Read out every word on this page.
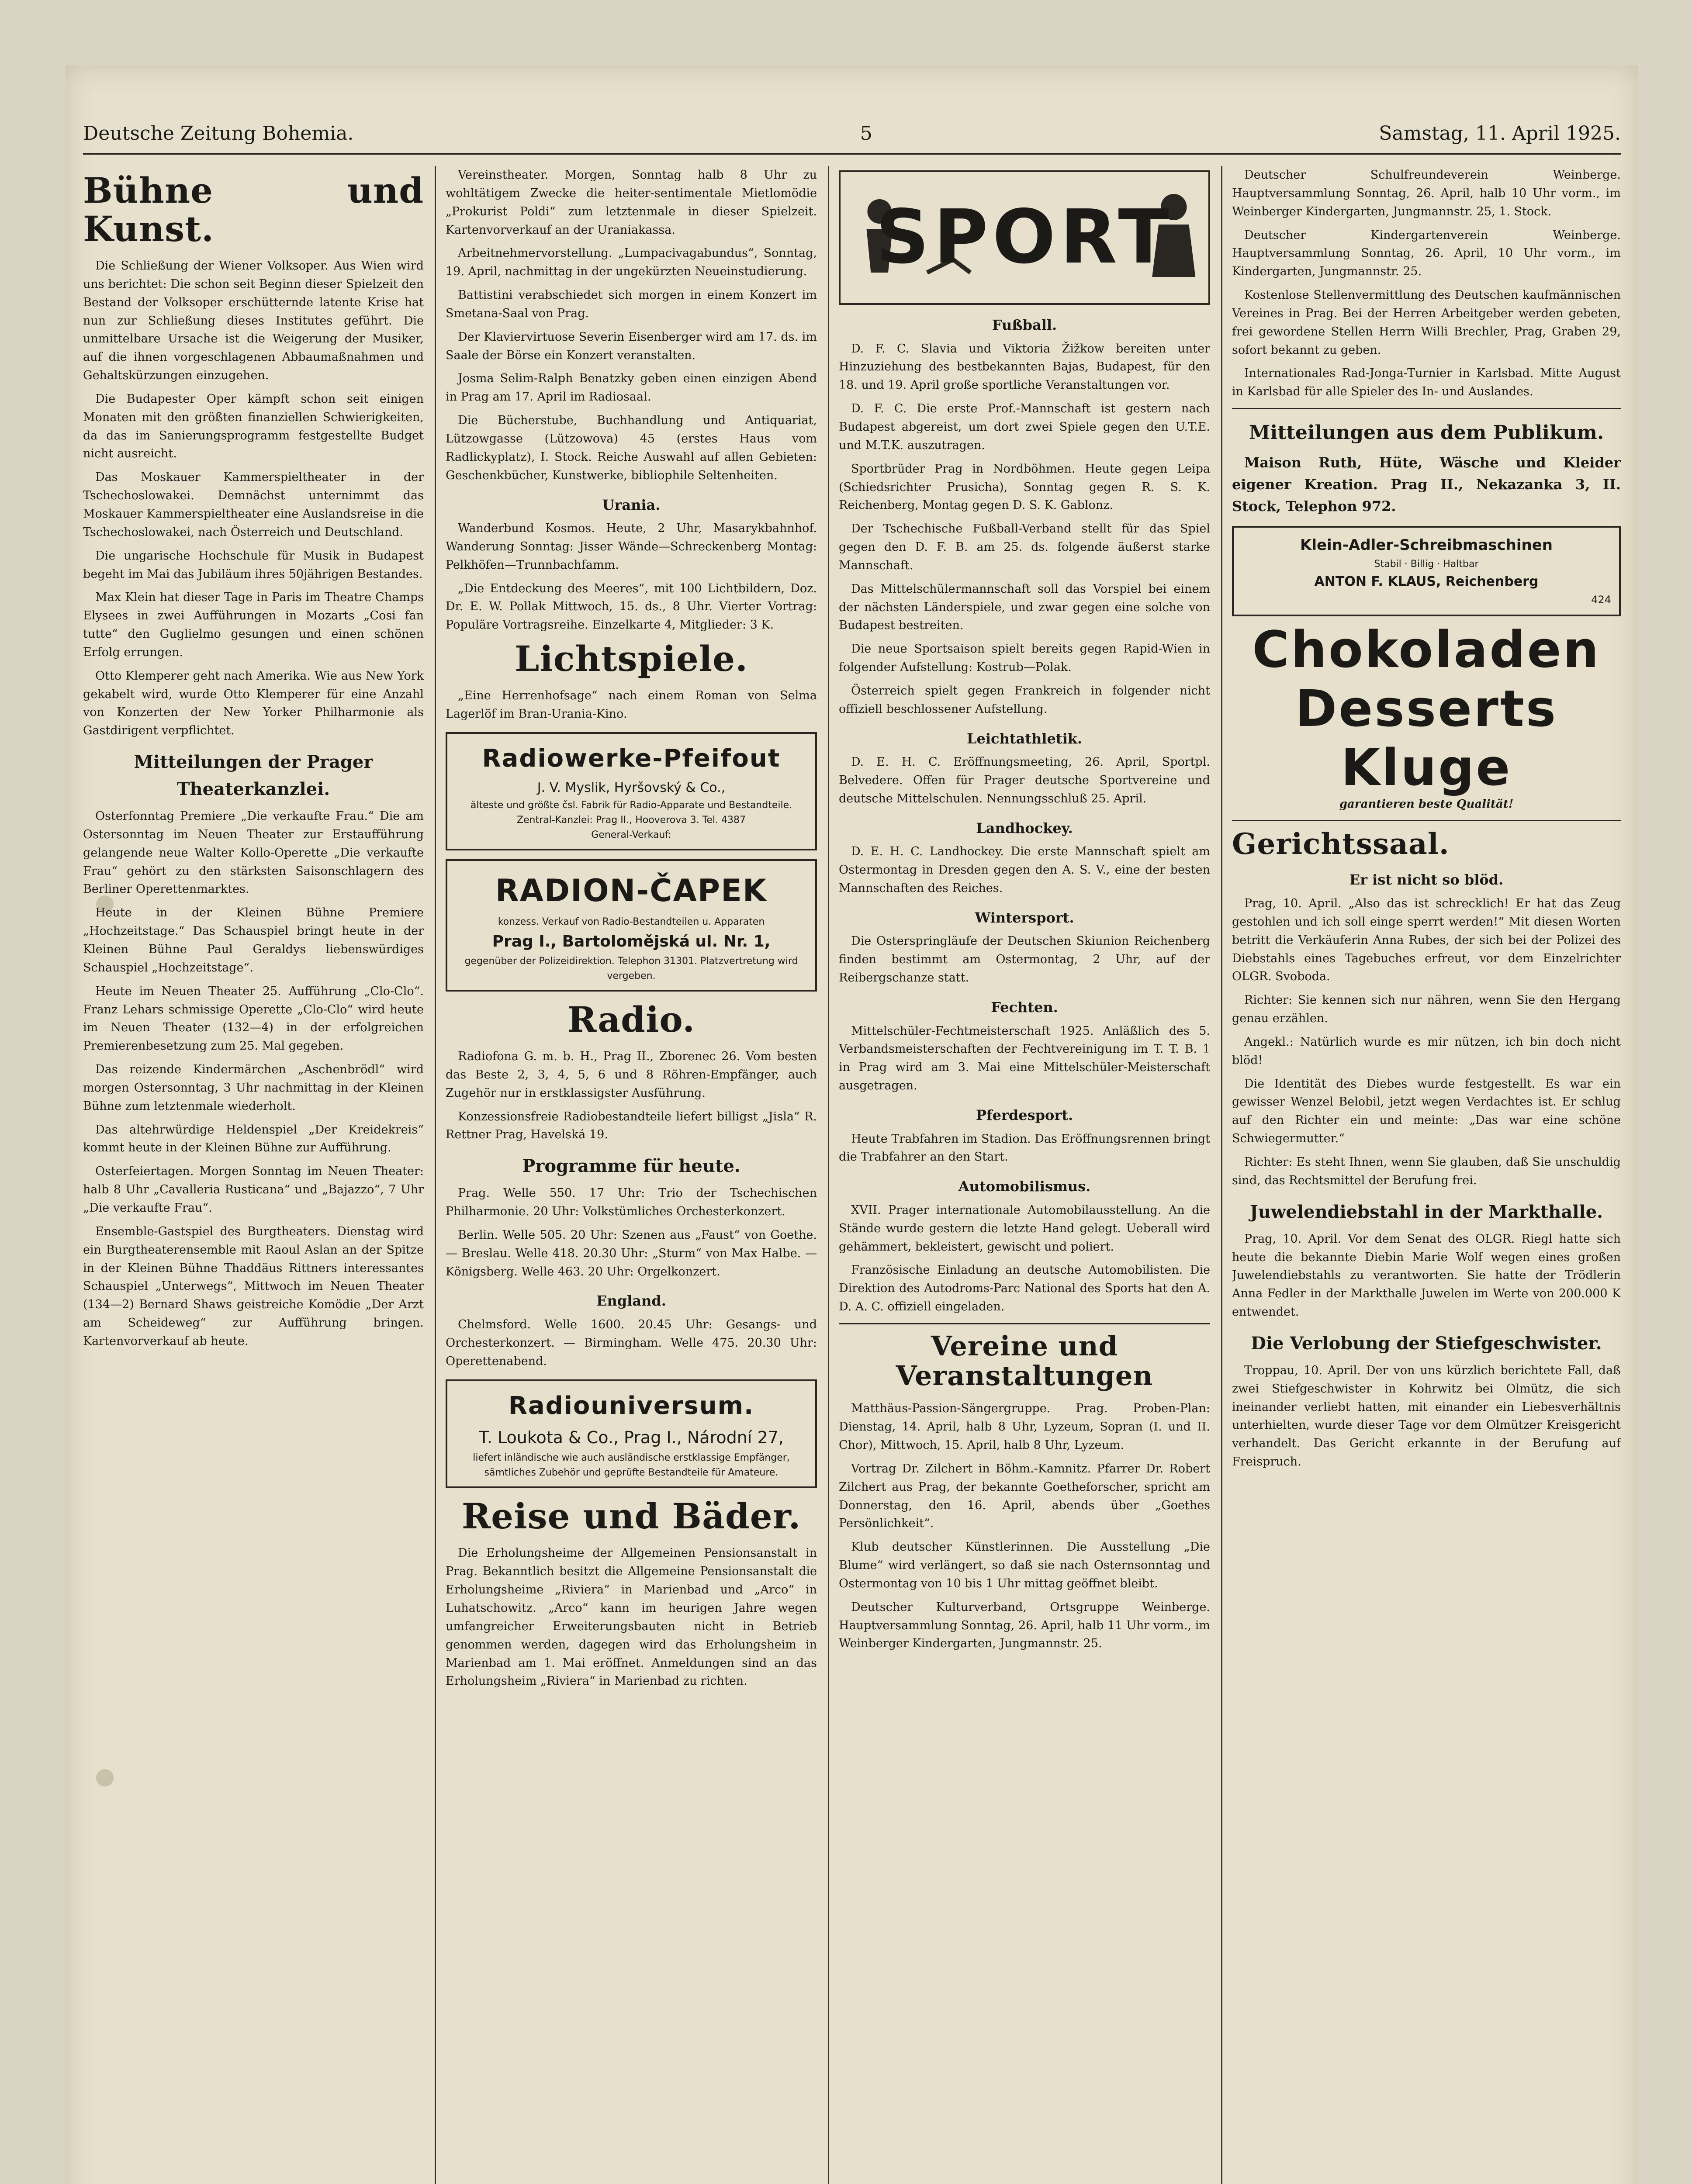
Deutsche Zeitung Bohemia.	5	Samstag, 11. April 1925.
Bühne und Kunst.

Die Schließung der Wiener Volksoper. Aus Wien wird uns berichtet: Die schon seit Beginn dieser Spielzeit den Bestand der Volksoper erschütternde latente Krise hat nun zur Schließung dieses Institutes geführt. Die unmittelbare Ursache ist die Weigerung der Musiker, auf die ihnen vorgeschlagenen Abbaumaßnahmen und Gehaltskürzungen einzugehen.

Die Budapester Oper kämpft schon seit einigen Monaten mit den größten finanziellen Schwierigkeiten, da das im Sanierungsprogramm festgestellte Budget nicht ausreicht.

Das Moskauer Kammerspieltheater in der Tschechoslowakei. Demnächst unternimmt das Moskauer Kammerspieltheater eine Auslandsreise in die Tschechoslowakei, nach Österreich und Deutschland.

Die ungarische Hochschule für Musik in Budapest begeht im Mai das Jubiläum ihres 50jährigen Bestandes.

Max Klein hat dieser Tage in Paris im Theatre Champs Elysees in zwei Aufführungen in Mozarts „Cosi fan tutte“ den Guglielmo gesungen und einen schönen Erfolg errungen.

Otto Klemperer geht nach Amerika. Wie aus New York gekabelt wird, wurde Otto Klemperer für eine Anzahl von Konzerten der New Yorker Philharmonie als Gastdirigent verpflichtet.

Mitteilungen der Prager Theaterkanzlei.

Osterfonntag Premiere „Die verkaufte Frau.“ Die am Ostersonntag im Neuen Theater zur Erstaufführung gelangende neue Walter Kollo-Operette „Die verkaufte Frau“ gehört zu den stärksten Saisonschlagern des Berliner Operettenmarktes.

Heute in der Kleinen Bühne Premiere „Hochzeitstage.“ Das Schauspiel bringt heute in der Kleinen Bühne Paul Geraldys liebenswürdiges Schauspiel „Hochzeitstage“.

Heute im Neuen Theater 25. Aufführung „Clo-Clo“. Franz Lehars schmissige Operette „Clo-Clo“ wird heute im Neuen Theater (132—4) in der erfolgreichen Premierenbesetzung zum 25. Mal gegeben.

Das reizende Kindermärchen „Aschenbrödl“ wird morgen Ostersonntag, 3 Uhr nachmittag in der Kleinen Bühne zum letztenmale wiederholt.

Das altehrwürdige Heldenspiel „Der Kreidekreis“ kommt heute in der Kleinen Bühne zur Aufführung.

Osterfeiertagen. Morgen Sonntag im Neuen Theater: halb 8 Uhr „Cavalleria Rusticana“ und „Bajazzo“, 7 Uhr „Die verkaufte Frau“.

Ensemble-Gastspiel des Burgtheaters. Dienstag wird ein Burgtheaterensemble mit Raoul Aslan an der Spitze in der Kleinen Bühne Thaddäus Rittners interessantes Schauspiel „Unterwegs“, Mittwoch im Neuen Theater (134—2) Bernard Shaws geistreiche Komödie „Der Arzt am Scheideweg“ zur Aufführung bringen. Kartenvorverkauf ab heute.

Vereinstheater. Morgen, Sonntag halb 8 Uhr zu wohltätigem Zwecke die heiter-sentimentale Mietlomödie „Prokurist Poldi“ zum letztenmale in dieser Spielzeit. Kartenvorverkauf an der Uraniakassa.

Arbeitnehmervorstellung. „Lumpacivagabundus“, Sonntag, 19. April, nachmittag in der ungekürzten Neueinstudierung.

Battistini verabschiedet sich morgen in einem Konzert im Smetana-Saal von Prag.

Der Klaviervirtuose Severin Eisenberger wird am 17. ds. im Saale der Börse ein Konzert veranstalten.

Josma Selim-Ralph Benatzky geben einen einzigen Abend in Prag am 17. April im Radiosaal.

Die Bücherstube, Buchhandlung und Antiquariat, Lützowgasse (Lützowova) 45 (erstes Haus vom Radlickyplatz), I. Stock. Reiche Auswahl auf allen Gebieten: Geschenkbücher, Kunstwerke, bibliophile Seltenheiten.

Urania.

Wanderbund Kosmos. Heute, 2 Uhr, Masarykbahnhof. Wanderung Sonntag: Jisser Wände—Schreckenberg Montag: Pelkhöfen—Trunnbachfamm.

„Die Entdeckung des Meeres“, mit 100 Lichtbildern, Doz. Dr. E. W. Pollak Mittwoch, 15. ds., 8 Uhr. Vierter Vortrag: Populäre Vortragsreihe. Einzelkarte 4, Mitglieder: 3 K.

Lichtspiele.

„Eine Herrenhofsage“ nach einem Roman von Selma Lagerlöf im Bran-Urania-Kino.

Radiowerke-Pfeifout
J. V. Myslik, Hyršovský & Co.,
älteste und größte čsl. Fabrik für Radio-Apparate und Bestandteile. Zentral-Kanzlei: Prag II., Hooverova 3. Tel. 4387
General-Verkauf:
RADION-ČAPEK
konzess. Verkauf von Radio-Bestandteilen u. Apparaten
Prag I., Bartolomějská ul. Nr. 1,
gegenüber der Polizeidirektion. Telephon 31301. Platzvertretung wird vergeben.
Radio.

Radiofona G. m. b. H., Prag II., Zborenec 26. Vom besten das Beste 2, 3, 4, 5, 6 und 8 Röhren-Empfänger, auch Zugehör nur in erstklassigster Ausführung.

Konzessionsfreie Radiobestandteile liefert billigst „Jisla“ R. Rettner Prag, Havelská 19.

Programme für heute.

Prag. Welle 550. 17 Uhr: Trio der Tschechischen Philharmonie. 20 Uhr: Volkstümliches Orchesterkonzert.

Berlin. Welle 505. 20 Uhr: Szenen aus „Faust“ von Goethe. — Breslau. Welle 418. 20.30 Uhr: „Sturm“ von Max Halbe. — Königsberg. Welle 463. 20 Uhr: Orgelkonzert.

England.

Chelmsford. Welle 1600. 20.45 Uhr: Gesangs- und Orchesterkonzert. — Birmingham. Welle 475. 20.30 Uhr: Operettenabend.

Radiouniversum.
T. Loukota & Co., Prag I., Národní 27,
liefert inländische wie auch ausländische erstklassige Empfänger, sämtliches Zubehör und geprüfte Bestandteile für Amateure.
Reise und Bäder.

Die Erholungsheime der Allgemeinen Pensionsanstalt in Prag. Bekanntlich besitzt die Allgemeine Pensionsanstalt die Erholungsheime „Riviera“ in Marienbad und „Arco“ in Luhatschowitz. „Arco“ kann im heurigen Jahre wegen umfangreicher Erweiterungsbauten nicht in Betrieb genommen werden, dagegen wird das Erholungsheim in Marienbad am 1. Mai eröffnet. Anmeldungen sind an das Erholungsheim „Riviera“ in Marienbad zu richten.

SPORT
Fußball.

D. F. C. Slavia und Viktoria Žižkow bereiten unter Hinzuziehung des bestbekannten Bajas, Budapest, für den 18. und 19. April große sportliche Veranstaltungen vor.

D. F. C. Die erste Prof.-Mannschaft ist gestern nach Budapest abgereist, um dort zwei Spiele gegen den U.T.E. und M.T.K. auszutragen.

Sportbrüder Prag in Nordböhmen. Heute gegen Leipa (Schiedsrichter Prusicha), Sonntag gegen R. S. K. Reichenberg, Montag gegen D. S. K. Gablonz.

Der Tschechische Fußball-Verband stellt für das Spiel gegen den D. F. B. am 25. ds. folgende äußerst starke Mannschaft.

Das Mittelschülermannschaft soll das Vorspiel bei einem der nächsten Länderspiele, und zwar gegen eine solche von Budapest bestreiten.

Die neue Sportsaison spielt bereits gegen Rapid-Wien in folgender Aufstellung: Kostrub—Polak.

Österreich spielt gegen Frankreich in folgender nicht offiziell beschlossener Aufstellung.

Leichtathletik.

D. E. H. C. Eröffnungsmeeting, 26. April, Sportpl. Belvedere. Offen für Prager deutsche Sportvereine und deutsche Mittelschulen. Nennungsschluß 25. April.

Landhockey.

D. E. H. C. Landhockey. Die erste Mannschaft spielt am Ostermontag in Dresden gegen den A. S. V., eine der besten Mannschaften des Reiches.

Wintersport.

Die Osterspringläufe der Deutschen Skiunion Reichenberg finden bestimmt am Ostermontag, 2 Uhr, auf der Reibergschanze statt.

Fechten.

Mittelschüler-Fechtmeisterschaft 1925. Anläßlich des 5. Verbandsmeisterschaften der Fechtvereinigung im T. T. B. 1 in Prag wird am 3. Mai eine Mittelschüler-Meisterschaft ausgetragen.

Pferdesport.

Heute Trabfahren im Stadion. Das Eröffnungsrennen bringt die Trabfahrer an den Start.

Automobilismus.

XVII. Prager internationale Automobilausstellung. An die Stände wurde gestern die letzte Hand gelegt. Ueberall wird gehämmert, bekleistert, gewischt und poliert.

Französische Einladung an deutsche Automobilisten. Die Direktion des Autodroms-Parc National des Sports hat den A. D. A. C. offiziell eingeladen.

Vereine und Veranstaltungen

Matthäus-Passion-Sängergruppe. Prag. Proben-Plan: Dienstag, 14. April, halb 8 Uhr, Lyzeum, Sopran (I. und II. Chor), Mittwoch, 15. April, halb 8 Uhr, Lyzeum.

Vortrag Dr. Zilchert in Böhm.-Kamnitz. Pfarrer Dr. Robert Zilchert aus Prag, der bekannte Goetheforscher, spricht am Donnerstag, den 16. April, abends über „Goethes Persönlichkeit“.

Klub deutscher Künstlerinnen. Die Ausstellung „Die Blume“ wird verlängert, so daß sie nach Osternsonntag und Ostermontag von 10 bis 1 Uhr mittag geöffnet bleibt.

Deutscher Kulturverband, Ortsgruppe Weinberge. Hauptversammlung Sonntag, 26. April, halb 11 Uhr vorm., im Weinberger Kindergarten, Jungmannstr. 25.

Deutscher Schulfreundeverein Weinberge. Hauptversammlung Sonntag, 26. April, halb 10 Uhr vorm., im Weinberger Kindergarten, Jungmannstr. 25, 1. Stock.

Deutscher Kindergartenverein Weinberge. Hauptversammlung Sonntag, 26. April, 10 Uhr vorm., im Kindergarten, Jungmannstr. 25.

Kostenlose Stellenvermittlung des Deutschen kaufmännischen Vereines in Prag. Bei der Herren Arbeitgeber werden gebeten, frei gewordene Stellen Herrn Willi Brechler, Prag, Graben 29, sofort bekannt zu geben.

Internationales Rad-Jonga-Turnier in Karlsbad. Mitte August in Karlsbad für alle Spieler des In- und Auslandes.

Mitteilungen aus dem Publikum.

Maison Ruth, Hüte, Wäsche und Kleider eigener Kreation. Prag II., Nekazanka 3, II. Stock, Telephon 972.

Klein-Adler-Schreibmaschinen
Stabil · Billig · Haltbar
ANTON F. KLAUS, Reichenberg
424
Chokoladen
Desserts
Kluge
garantieren beste Qualität!
Gerichtssaal.
Er ist nicht so blöd.

Prag, 10. April. „Also das ist schrecklich! Er hat das Zeug gestohlen und ich soll einge sperrt werden!“ Mit diesen Worten betritt die Verkäuferin Anna Rubes, der sich bei der Polizei des Diebstahls eines Tagebuches erfreut, vor dem Einzelrichter OLGR. Svoboda.

Richter: Sie kennen sich nur nähren, wenn Sie den Hergang genau erzählen.

Angekl.: Natürlich wurde es mir nützen, ich bin doch nicht blöd!

Die Identität des Diebes wurde festgestellt. Es war ein gewisser Wenzel Belobil, jetzt wegen Verdachtes ist. Er schlug auf den Richter ein und meinte: „Das war eine schöne Schwiegermutter.“

Richter: Es steht Ihnen, wenn Sie glauben, daß Sie unschuldig sind, das Rechtsmittel der Berufung frei.

Juwelendiebstahl in der Markthalle.

Prag, 10. April. Vor dem Senat des OLGR. Riegl hatte sich heute die bekannte Diebin Marie Wolf wegen eines großen Juwelendiebstahls zu verantworten. Sie hatte der Trödlerin Anna Fedler in der Markthalle Juwelen im Werte von 200.000 K entwendet.

Die Verlobung der Stiefgeschwister.

Troppau, 10. April. Der von uns kürzlich berichtete Fall, daß zwei Stiefgeschwister in Kohrwitz bei Olmütz, die sich ineinander verliebt hatten, mit einander ein Liebesverhältnis unterhielten, wurde dieser Tage vor dem Olmützer Kreisgericht verhandelt. Das Gericht erkannte in der Berufung auf Freispruch.
